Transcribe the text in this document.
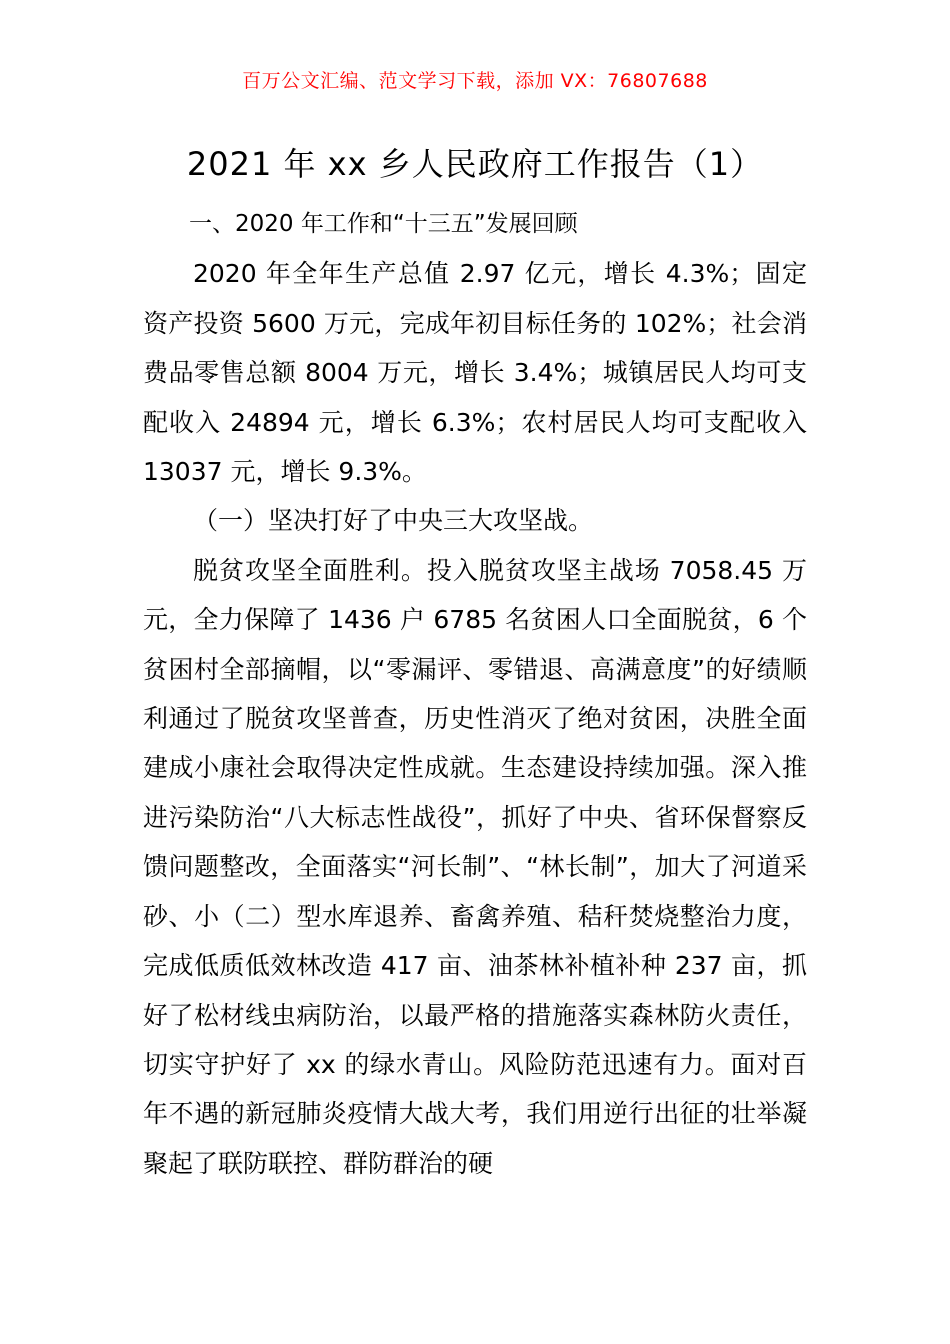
百万公文汇编、范文学习下载，添加 VX：76807688
2021 年 xx 乡人民政府工作报告（1）

一、2020 年工作和“十三五”发展回顾

2020 年全年生产总值 2.97 亿元，增长 4.3%；固定资产投资 5600 万元，完成年初目标任务的 102%；社会消费品零售总额 8004 万元，增长 3.4%；城镇居民人均可支配收入 24894 元，增长 6.3%；农村居民人均可支配收入 13037 元，增长 9.3%。

（一）坚决打好了中央三大攻坚战。

脱贫攻坚全面胜利。投入脱贫攻坚主战场 7058.45 万元，全力保障了 1436 户 6785 名贫困人口全面脱贫，6 个贫困村全部摘帽，以“零漏评、零错退、高满意度”的好绩顺利通过了脱贫攻坚普查，历史性消灭了绝对贫困，决胜全面建成小康社会取得决定性成就。生态建设持续加强。深入推进污染防治“八大标志性战役”，抓好了中央、省环保督察反馈问题整改，全面落实“河长制”、“林长制”，加大了河道采砂、小（二）型水库退养、畜禽养殖、秸秆焚烧整治力度，完成低质低效林改造 417 亩、油茶林补植补种 237 亩，抓好了松材线虫病防治，以最严格的措施落实森林防火责任，切实守护好了 xx 的绿水青山。风险防范迅速有力。面对百年不遇的新冠肺炎疫情大战大考，我们用逆行出征的壮举凝聚起了联防联控、群防群治的硬
